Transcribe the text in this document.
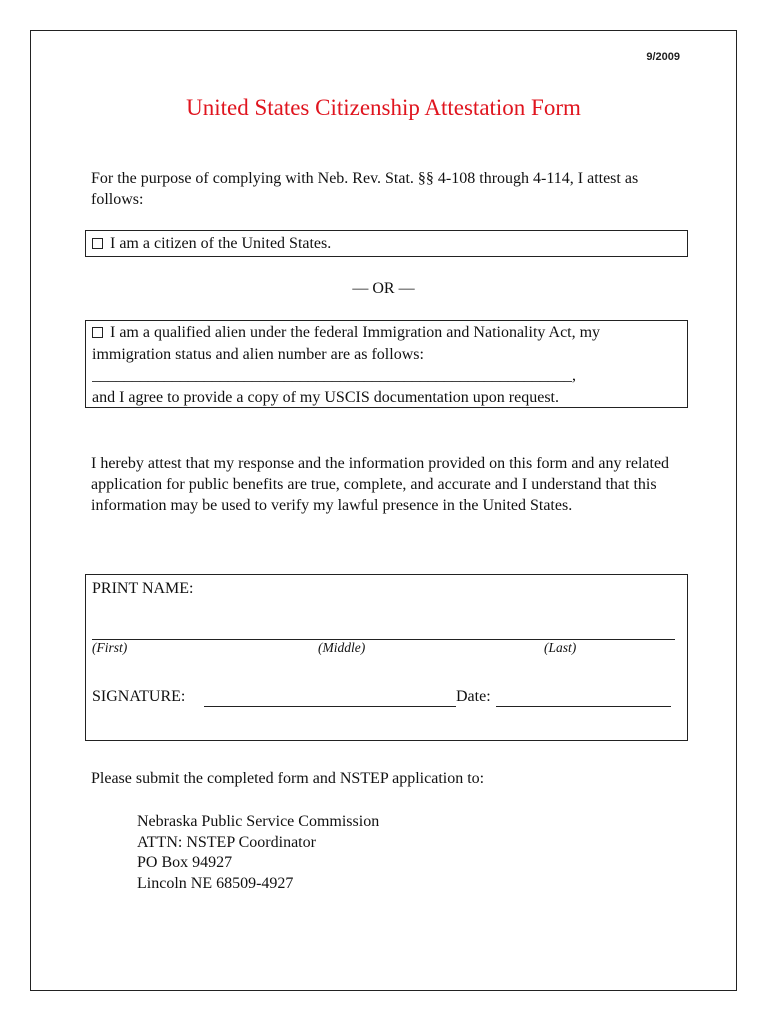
9/2009
United States Citizenship Attestation Form
For the purpose of complying with Neb. Rev. Stat. §§ 4-108 through 4-114, I attest as follows:
I am a citizen of the United States.
— OR —
I am a qualified alien under the federal Immigration and Nationality Act, my immigration status and alien number are as follows:
____________________________________________________________,
and I agree to provide a copy of my USCIS documentation upon request.
I hereby attest that my response and the information provided on this form and any related application for public benefits are true, complete, and accurate and I understand that this information may be used to verify my lawful presence in the United States.
PRINT NAME:
(First)	(Middle)	(Last)
SIGNATURE:	Date:
Please submit the completed form and NSTEP application to:
Nebraska Public Service Commission
ATTN: NSTEP Coordinator
PO Box 94927
Lincoln NE 68509-4927
